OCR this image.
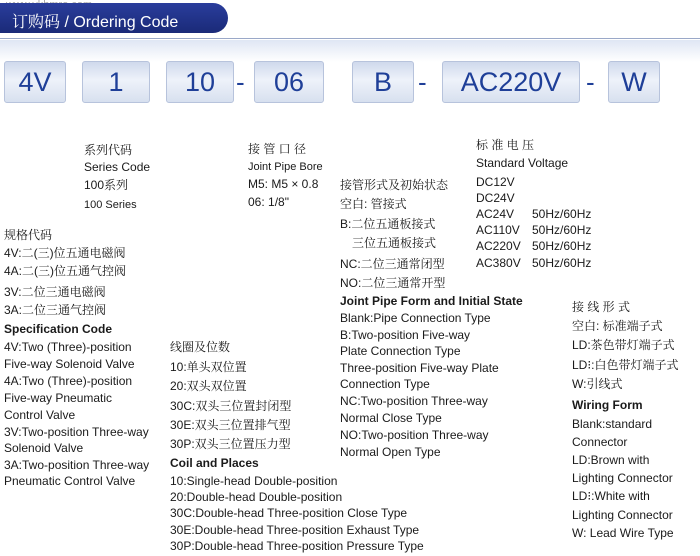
订购码 / Ordering Code
4V	1	10 -	06	B	-	AC220V - W
系列代码
Series Code
100系列
100 Series
接 管 口 径
Joint Pipe Bore
M5: M5 × 0.8
06: 1/8"
规格代码
4V:二(三)位五通电磁阀
4A:二(三)位五通气控阀
3V:二位三通电磁阀
3A:二位三通气控阀
Specification Code
4V:Two (Three)-position
Five-way Solenoid Valve
4A:Two (Three)-position
Five-way Pneumatic
Control Valve
3V:Two-position Three-way
Solenoid Valve
3A:Two-position Three-way
Pneumatic Control Valve
线圈及位数
10:单头双位置
20:双头双位置
30C:双头三位置封闭型
30E:双头三位置排气型
30P:双头三位置压力型
Coil and Places
10:Single-head Double-position
20:Double-head Double-position
30C:Double-head Three-position Close Type
30E:Double-head Three-position Exhaust Type
30P:Double-head Three-position Pressure Type
接管形式及初始状态
空白: 管接式
B:二位五通板接式
三位五通板接式
NC:二位三通常闭型
NO:二位三通常开型
Joint Pipe Form and Initial State
Blank:Pipe Connection Type
B:Two-position Five-way
Plate Connection Type
Three-position Five-way Plate
Connection Type
NC:Two-position Three-way
Normal Close Type
NO:Two-position Three-way
Normal Open Type
标 准 电 压
Standard Voltage
DC12V
DC24V
AC24V 50Hz/60Hz
AC110V 50Hz/60Hz
AC220V 50Hz/60Hz
AC380V 50Hz/60Hz
接 线 形 式
空白: 标准端子式
LD:茶色带灯端子式
LD⁝:白色带灯端子式
W:引线式
Wiring Form
Blank:standard
Connector
LD:Brown with
Lighting Connector
LD⁝:White with
Lighting Connector
W: Lead Wire Type
